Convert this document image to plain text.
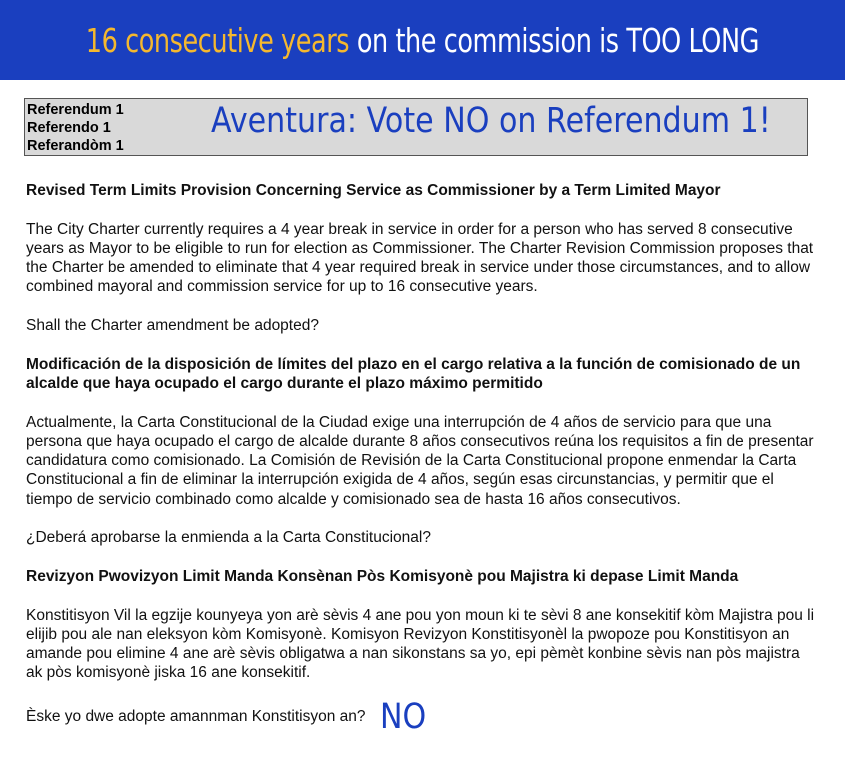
16 consecutive years on the commission is TOO LONG
Referendum 1
Referendo 1
Referandòm 1
Aventura: Vote NO on Referendum 1!

Revised Term Limits Provision Concerning Service as Commissioner by a Term Limited Mayor

The City Charter currently requires a 4 year break in service in order for a person who has served 8 consecutive years as Mayor to be eligible to run for election as Commissioner. The Charter Revision Commission proposes that the Charter be amended to eliminate that 4 year required break in service under those circumstances, and to allow combined mayoral and commission service for up to 16 consecutive years.

Shall the Charter amendment be adopted?

Modificación de la disposición de límites del plazo en el cargo relativa a la función de comisionado de un alcalde que haya ocupado el cargo durante el plazo máximo permitido

Actualmente, la Carta Constitucional de la Ciudad exige una interrupción de 4 años de servicio para que una persona que haya ocupado el cargo de alcalde durante 8 años consecutivos reúna los requisitos a fin de presentar candidatura como comisionado. La Comisión de Revisión de la Carta Constitucional propone enmendar la Carta Constitucional a fin de eliminar la interrupción exigida de 4 años, según esas circunstancias, y permitir que el tiempo de servicio combinado como alcalde y comisionado sea de hasta 16 años consecutivos.

¿Deberá aprobarse la enmienda a la Carta Constitucional?

Revizyon Pwovizyon Limit Manda Konsènan Pòs Komisyonè pou Majistra ki depase Limit Manda

Konstitisyon Vil la egzije kounyeya yon arè sèvis 4 ane pou yon moun ki te sèvi 8 ane konsekitif kòm Majistra pou li elijib pou ale nan eleksyon kòm Komisyonè. Komisyon Revizyon Konstitisyonèl la pwopoze pou Konstitisyon an amande pou elimine 4 ane arè sèvis obligatwa a nan sikonstans sa yo, epi pèmèt konbine sèvis nan pòs majistra ak pòs komisyonè jiska 16 ane konsekitif.

Èske yo dwe adopte amannman Konstitisyon an? NO
